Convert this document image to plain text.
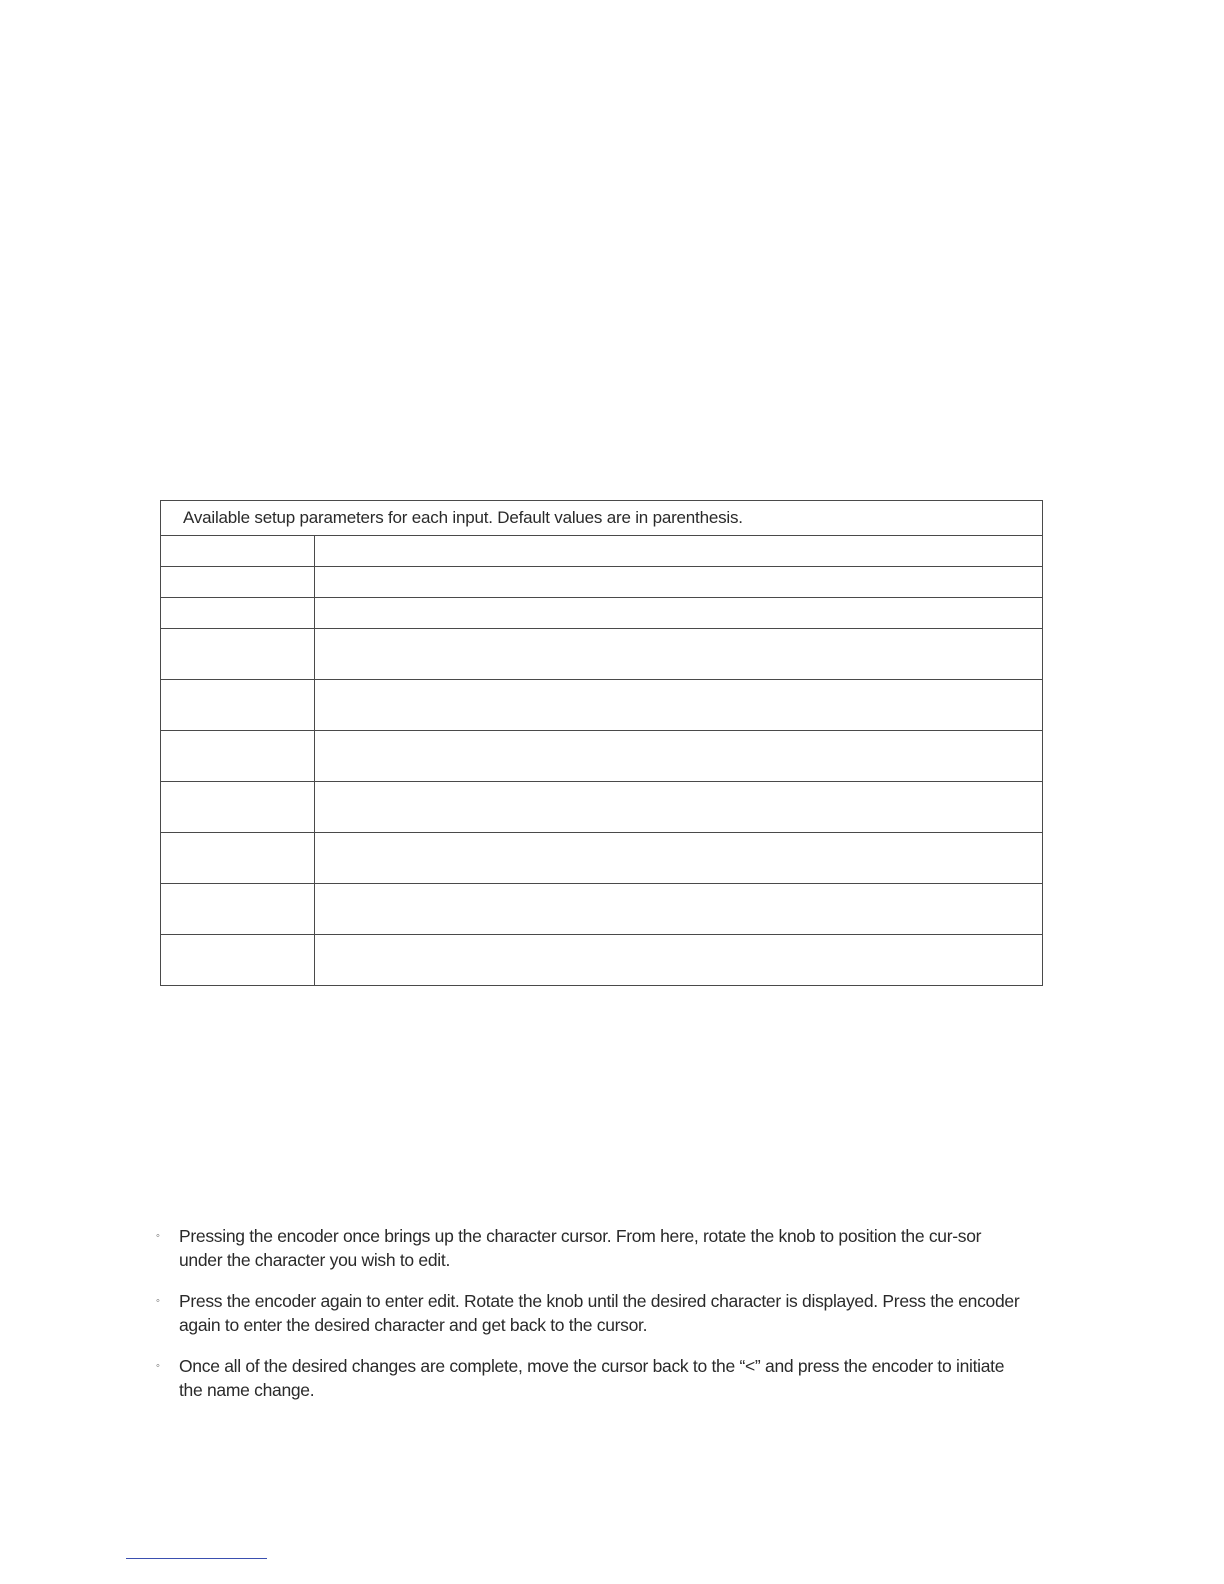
Available setup parameters for each input. Default values are in parenthesis.	

◦ Pressing the encoder once brings up the character cursor. From here, rotate the knob to position the cur-sor under the character you wish to edit.
◦ Press the encoder again to enter edit. Rotate the knob until the desired character is displayed. Press the encoder again to enter the desired character and get back to the cursor.
◦ Once all of the desired changes are complete, move the cursor back to the “<” and press the encoder to initiate the name change.
